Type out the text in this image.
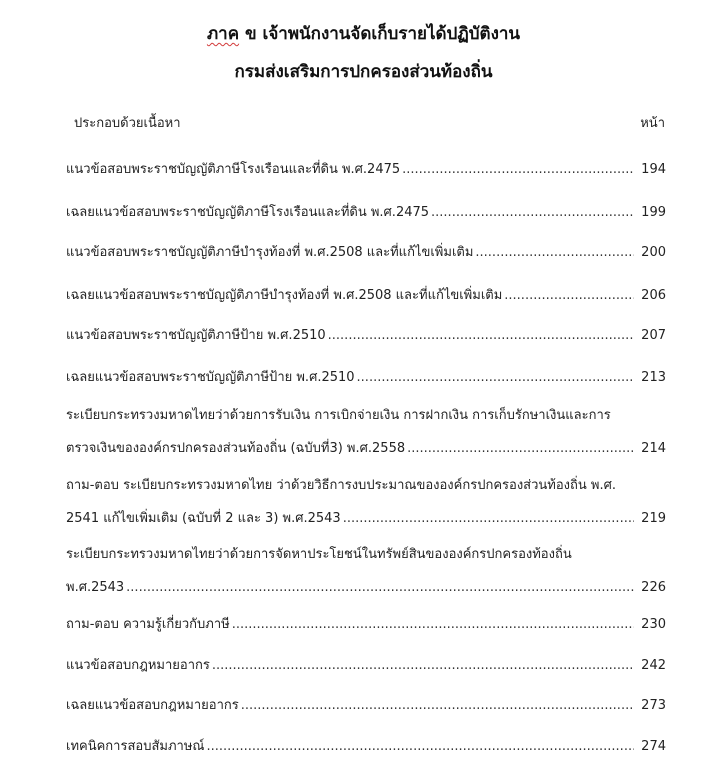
ภาค ข เจ้าพนักงานจัดเก็บรายได้ปฏิบัติงาน
กรมส่งเสริมการปกครองส่วนท้องถิ่น
ประกอบด้วยเนื้อหา	หน้า
แนวข้อสอบพระราชบัญญัติภาษีโรงเรือนและที่ดิน พ.ศ.2475 .....	194
เฉลยแนวข้อสอบพระราชบัญญัติภาษีโรงเรือนและที่ดิน พ.ศ.2475 .....	199
แนวข้อสอบพระราชบัญญัติภาษีบำรุงท้องที่ พ.ศ.2508 และที่แก้ไขเพิ่มเติม .....	200
เฉลยแนวข้อสอบพระราชบัญญัติภาษีบำรุงท้องที่ พ.ศ.2508 และที่แก้ไขเพิ่มเติม .....	206
แนวข้อสอบพระราชบัญญัติภาษีป้าย พ.ศ.2510 .....	207
เฉลยแนวข้อสอบพระราชบัญญัติภาษีป้าย พ.ศ.2510 .....	213
ระเบียบกระทรวงมหาดไทยว่าด้วยการรับเงิน การเบิกจ่ายเงิน การฝากเงิน การเก็บรักษาเงินและการ
ตรวจเงินขององค์กรปกครองส่วนท้องถิ่น (ฉบับที่3) พ.ศ.2558 .....	214
ถาม-ตอบ ระเบียบกระทรวงมหาดไทย ว่าด้วยวิธีการงบประมาณขององค์กรปกครองส่วนท้องถิ่น พ.ศ.
2541 แก้ไขเพิ่มเติม (ฉบับที่ 2 และ 3) พ.ศ.2543 .....	219
ระเบียบกระทรวงมหาดไทยว่าด้วยการจัดหาประโยชน์ในทรัพย์สินขององค์กรปกครองท้องถิ่น
พ.ศ.2543 .....	226
ถาม-ตอบ ความรู้เกี่ยวกับภาษี .....	230
แนวข้อสอบกฎหมายอากร .....	242
เฉลยแนวข้อสอบกฎหมายอากร .....	273
เทคนิคการสอบสัมภาษณ์ .....	274
